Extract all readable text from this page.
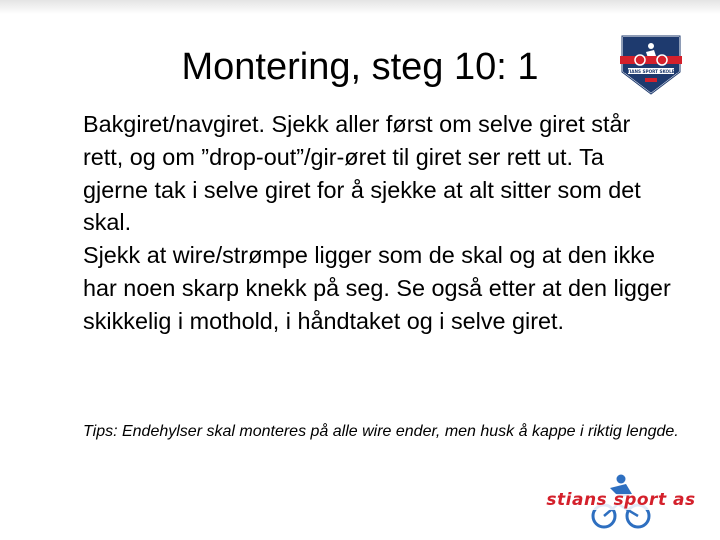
Montering, steg 10: 1	STIANS SPORT SKOLEN

Bakgiret/navgiret. Sjekk aller først om selve giret står rett, og om ”drop-out”/gir-øret til giret ser rett ut. Ta gjerne tak i selve giret for å sjekke at alt sitter som det skal.

Sjekk at wire/strømpe ligger som de skal og at den ikke har noen skarp knekk på seg. Se også etter at den ligger skikkelig i mothold, i håndtaket og i selve giret.

Tips: Endehylser skal monteres på alle wire ender, men husk å kappe i riktig lengde.
stians sport as
